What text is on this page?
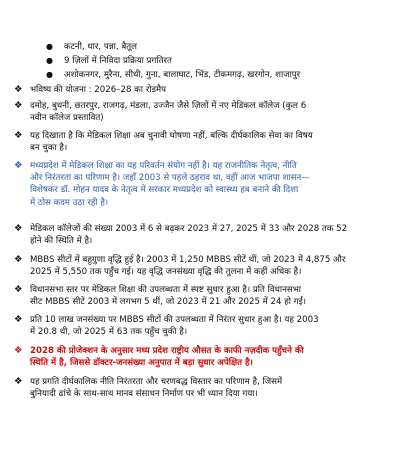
● कटनी, धार, पन्ना, बैतूल
● 9 ज़िलों में निविदा प्रक्रिया प्रगतिरत
● अशोकनगर, मुरैना, सीधी, गुना, बालाघाट, भिंड, टीकमगढ़, खरगोन, शाजापुर
❖ भविष्य की योजना : 2026–28 का रोडमैप
❖ दमोह, बुधनी, छतरपुर, राजगढ़, मंडला, उज्जैन जैसे ज़िलों में नए मेडिकल कॉलेज (कुल 6
नवीन कॉलेज प्रस्तावित)
❖ यह दिखाता है कि मेडिकल शिक्षा अब चुनावी घोषणा नहीं, बल्कि दीर्घकालिक सेवा का विषय
बन चुका है।
❖ मध्यप्रदेश में मेडिकल शिक्षा का यह परिवर्तन संयोग नहीं है। यह राजनीतिक नेतृत्व, नीति
और निरंतरता का परिणाम है। जहाँ 2003 से पहले ठहराव था, वहीं आज भाजपा शासन—
विशेषकर डॉ. मोहन यादव के नेतृत्व में सरकार मध्यप्रदेश को स्वास्थ्य हब बनाने की दिशा
में ठोस कदम उठा रही है।
❖ मेडिकल कॉलेजों की संख्या 2003 में 6 से बढ़कर 2023 में 27, 2025 में 33 और 2028 तक 52
होने की स्थिति में है।
❖ MBBS सीटों में बहुगुणा वृद्धि हुई है। 2003 में 1,250 MBBS सीटें थीं, जो 2023 में 4,875 और
2025 में 5,550 तक पहुँच गई। यह वृद्धि जनसंख्या वृद्धि की तुलना में कहीं अधिक है।
❖ विधानसभा स्तर पर मेडिकल शिक्षा की उपलब्धता में स्पष्ट सुधार हुआ है। प्रति विधानसभा
सीट MBBS सीटें 2003 में लगभग 5 थीं, जो 2023 में 21 और 2025 में 24 हो गईं।
❖ प्रति 10 लाख जनसंख्या पर MBBS सीटों की उपलब्धता में निरंतर सुधार हुआ है। यह 2003
में 20.8 थी, जो 2025 में 63 तक पहुँच चुकी है।
❖ 2028 की प्रोजेक्शन के अनुसार मध्य प्रदेश राष्ट्रीय औसत के काफी नज़दीक पहुँचने की
स्थिति में है, जिससे डॉक्टर-जनसंख्या अनुपात में बड़ा सुधार अपेक्षित है।
❖ यह प्रगति दीर्घकालिक नीति निरंतरता और चरणबद्ध विस्तार का परिणाम है, जिसमें
बुनियादी ढांचे के साथ-साथ मानव संसाधन निर्माण पर भी ध्यान दिया गया।
